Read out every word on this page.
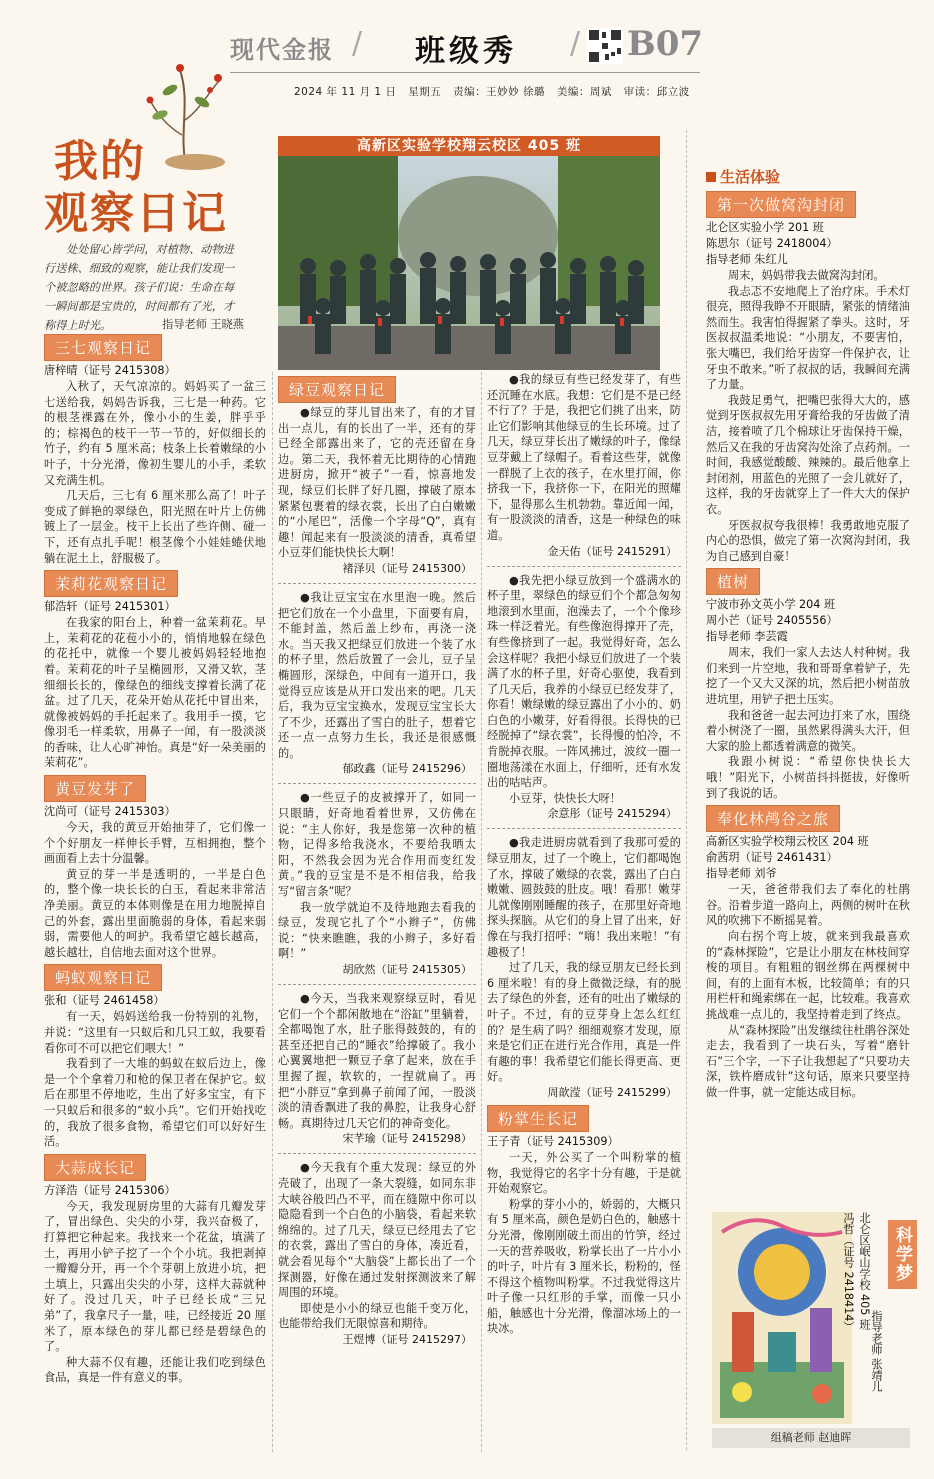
现代金报 / 班级秀 / B07
2024 年 11 月 1 日 星期五 责编：王妙妙 徐璐 美编：周斌 审读：邱立波
我的
观察日记
处处留心皆学问，对植物、动物进行送株、细致的观察，能让我们发现一个被忽略的世界。孩子们说：生命在每一瞬间都是宝贵的，时间都有了光，才称得上时光。	指导老师 王晓燕
高新区实验学校翔云校区 405 班
三七观察日记
唐梓晴（证号 2415308）

入秋了，天气凉凉的。妈妈买了一盆三七送给我，妈妈告诉我，三七是一种药。它的根茎裸露在外，像小小的生姜，胖乎乎的；棕褐色的枝干一节一节的，好似细长的竹子，约有 5 厘米高；枝条上长着嫩绿的小叶子，十分光滑，像初生婴儿的小手，柔软又充满生机。

几天后，三七有 6 厘米那么高了！叶子变成了鲜艳的翠绿色，阳光照在叶片上仿佛镀上了一层金。枝干上长出了些许侧、碰一下，还有点扎手呢！根茎像个小娃娃蜷伏地躺在泥土上，舒服极了。

茉莉花观察日记
郁浩轩（证号 2415301）

在我家的阳台上，种着一盆茉莉花。早上，茉莉花的花苞小小的，悄悄地躲在绿色的花托中，就像一个婴儿被妈妈轻轻地抱着。茉莉花的叶子呈椭圆形，又滑又软，茎细细长长的，像绿色的细线支撑着长满了花盆。过了几天，花朵开始从花托中冒出来，就像被妈妈的手托起来了。我用手一摸，它像羽毛一样柔软，用鼻子一闻，有一股淡淡的香味，让人心旷神怡。真是“好一朵美丽的茉莉花”。

黄豆发芽了
沈尚可（证号 2415303）

今天，我的黄豆开始抽芽了，它们像一个个好朋友一样伸长手臂，互相拥抱，整个画面看上去十分温馨。

黄豆的芽一半是透明的，一半是白色的，整个像一块长长的白玉，看起来非常洁净美丽。黄豆的本体则像是在用力地脱掉自己的外套，露出里面脆弱的身体，看起来弱弱，需要他人的呵护。我希望它越长越高，越长越壮，自信地去面对这个世界。

蚂蚁观察日记
张和（证号 2461458）

有一天，妈妈送给我一份特别的礼物，并说：“这里有一只蚁后和几只工蚁，我要看看你可不可以把它们喂大！”

我看到了一大堆的蚂蚁在蚁后边上，像是一个个拿着刀和枪的保卫者在保护它。蚁后在那里不停地吃，生出了好多宝宝，有下一只蚁后和很多的“蚁小兵”。它们开始找吃的，我放了很多食物，希望它们可以好好生活。

大蒜成长记
方泽浩（证号 2415306）

今天，我发现厨房里的大蒜有几瓣发芽了，冒出绿色、尖尖的小芽，我兴奋极了，打算把它种起来。我找来一个花盆，填满了土，再用小铲子挖了一个个小坑。我把剥掉一瓣瓣分开，再一个个芽朝上放进小坑，把土填上，只露出尖尖的小芽，这样大蒜就种好了。没过几天，叶子已经长成“三兄弟”了，我拿尺子一量，哇，已经接近 20 厘米了，原本绿色的芽儿都已经是碧绿色的了。

种大蒜不仅有趣，还能让我们吃到绿色食品，真是一件有意义的事。

绿豆观察日记

●绿豆的芽儿冒出来了，有的才冒出一点儿，有的长出了一半，还有的芽已经全部露出来了，它的壳还留在身边。第二天，我怀着无比期待的心情跑进厨房，掀开“被子”一看，惊喜地发现，绿豆们长胖了好几圈，撑破了原本紧紧包裹着的绿衣裳，长出了白白嫩嫩的“小尾巴”，活像一个字母“Q”，真有趣！闻起来有一股淡淡的清香，真希望小豆芽们能快快长大啊！

褚泽贝（证号 2415300）

●我让豆宝宝在水里泡一晚。然后把它们放在一个小盘里，下面要有肩，不能封盖，然后盖上纱布，再浇一浇水。当天我又把绿豆们放进一个装了水的杯子里，然后放置了一会儿，豆子呈椭圆形，深绿色，中间有一道开口，我觉得豆应该是从开口发出来的吧。几天后，我为豆宝宝换水，发现豆宝宝长大了不少，还露出了雪白的肚子，想着它还一点一点努力生长，我还是很感慨的。

郁政鑫（证号 2415296）

●一些豆子的皮被撑开了，如同一只眼睛，好奇地看着世界，又仿佛在说：“主人你好，我是您第一次种的植物，记得多给我浇水，不要给我晒太阳，不然我会因为光合作用而变红发黄。”我的豆宝是不是不相信我，给我写“留言条”呢？

我一放学就迫不及待地跑去看我的绿豆，发现它扎了个“小辫子”，仿佛说：“快来瞧瞧，我的小辫子，多好看啊！”

胡欣然（证号 2415305）

●今天，当我来观察绿豆时，看见它们一个个都闲散地在“浴缸”里躺着，全都喝饱了水，肚子胀得鼓鼓的，有的甚至还把自己的“睡衣”给撑破了。我小心翼翼地把一颗豆子拿了起来，放在手里握了握，软软的，一捏就扁了。再把“小胖豆”拿到鼻子前闻了闻，一股淡淡的清香飘进了我的鼻腔，让我身心舒畅。真期待过几天它们的神奇变化。

宋芊瑜（证号 2415298）

●今天我有个重大发现：绿豆的外壳破了，出现了一条大裂缝，如同东非大峡谷般凹凸不平，而在缝隙中你可以隐隐看到一个白色的小脑袋，看起来软绵绵的。过了几天，绿豆已经甩去了它的衣裳，露出了雪白的身体，凑近看，就会看见每个“大脑袋”上都长出了一个探测器，好像在通过发射探测波来了解周围的环境。

即使是小小的绿豆也能千变万化，也能带给我们无限惊喜和期待。

王煜博（证号 2415297）

●我的绿豆有些已经发芽了，有些还沉睡在水底。我想：它们是不是已经不行了？于是，我把它们挑了出来，防止它们影响其他绿豆的生长环境。过了几天，绿豆芽长出了嫩绿的叶子，像绿豆芽戴上了绿帽子。看着这些芽，就像一群脱了上衣的孩子，在水里打闹，你挤我一下，我挤你一下，在阳光的照耀下，显得那么生机勃勃。靠近闻一闻，有一股淡淡的清香，这是一种绿色的味道。

金天佑（证号 2415291）

●我先把小绿豆放到一个盛满水的杯子里，翠绿色的绿豆们个个都急匆匆地滚到水里面，泡澡去了，一个个像珍珠一样泛着光。有些像泡得撑开了壳，有些像挤到了一起。我觉得好奇，怎么会这样呢？我把小绿豆们放进了一个装满了水的杯子里，好奇心驱使，我看到了几天后，我养的小绿豆已经发芽了，你看！嫩绿嫩的绿豆露出了小小的、奶白色的小嫩芽，好看得很。长得快的已经脱掉了“绿衣裳”，长得慢的怕冷，不肯脱掉衣服。一阵风拂过，波纹一圈一圈地荡漾在水面上，仔细听，还有水发出的咕咕声。

小豆芽，快快长大呀！

余意彤（证号 2415294）

●我走进厨房就看到了我那可爱的绿豆朋友，过了一个晚上，它们都喝饱了水，撑破了嫩绿的衣裳，露出了白白嫩嫩、圆鼓鼓的肚皮。哦！看那！嫩芽儿就像刚刚睡醒的孩子，在那里好奇地探头探脑。从它们的身上冒了出来，好像在与我打招呼：“嗨！我出来啦！”有趣极了！

过了几天，我的绿豆朋友已经长到 6 厘米啦！有的身上微微泛绿，有的脱去了绿色的外套，还有的吐出了嫩绿的叶子。不过，有的豆芽身上怎么红红的？是生病了吗？细细观察才发现，原来是它们正在进行光合作用，真是一件有趣的事！我希望它们能长得更高、更好。

周歆滢（证号 2415299）
粉掌生长记
王子青（证号 2415309）

一天，外公买了一个叫粉掌的植物，我觉得它的名字十分有趣，于是就开始观察它。

粉掌的芽小小的，娇弱的，大概只有 5 厘米高，颜色是奶白色的，触感十分光滑，像刚刚破土而出的竹笋，经过一天的营养吸收，粉掌长出了一片小小的叶子，叶片有 3 厘米长，粉粉的，怪不得这个植物叫粉掌。不过我觉得这片叶子像一只红形的手掌，而像一只小船，触感也十分光滑，像溜冰场上的一块冰。

生活体验
第一次做窝沟封闭
北仑区实验小学 201 班
陈思尔（证号 2418004）
指导老师 朱红儿

周末，妈妈带我去做窝沟封闭。

我忐忑不安地爬上了治疗床。手术灯很亮，照得我睁不开眼睛，紧张的情绪油然而生。我害怕得握紧了拳头。这时，牙医叔叔温柔地说：“小朋友，不要害怕，张大嘴巴，我们给牙齿穿一件保护衣，让牙虫不敢来。”听了叔叔的话，我瞬间充满了力量。

我鼓足勇气，把嘴巴张得大大的，感觉到牙医叔叔先用牙膏给我的牙齿做了清洁，接着喷了几个棉球让牙齿保持干燥，然后又在我的牙齿窝沟处涂了点药剂。一时间，我感觉酸酸、辣辣的。最后他拿上封闭剂，用蓝色的光照了一会儿就好了，这样，我的牙齿就穿上了一件大大的保护衣。

牙医叔叔夸我很棒！我勇敢地克服了内心的恐惧，做完了第一次窝沟封闭，我为自己感到自豪！

植树
宁波市孙文英小学 204 班
周小芒（证号 2405556）
指导老师 李芸霞

周末，我们一家人去达人村种树。我们来到一片空地，我和哥哥拿着铲子，先挖了一个又大又深的坑，然后把小树苗放进坑里，用铲子把土压实。

我和爸爸一起去河边打来了水，围绕着小树浇了一圈，虽然累得满头大汗，但大家的脸上都透着满意的微笑。

我跟小树说：“希望你快快长大哦！”阳光下，小树苗抖抖挺拔，好像听到了我说的话。

奉化林鸬谷之旅
高新区实验学校翔云校区 204 班
俞茜玥（证号 2461431）
指导老师 刘爷

一天，爸爸带我们去了奉化的杜鹃谷。沿着步道一路向上，两侧的树叶在秋风的吹拂下不断摇晃着。

向右拐个弯上坡，就来到我最喜欢的“森林探险”，它是让小朋友在林枝间穿梭的项目。有粗粗的钢丝绑在两棵树中间，有的上面有木板，比较简单；有的只用栏杆和绳索绑在一起，比较难。我喜欢挑战难一点儿的，我坚持着走到了终点。

从“森林探险”出发继续往杜鹃谷深处走去，我看到了一块石头，写着“磨针石”三个字，一下子让我想起了“只要功夫深，铁杵磨成针”这句话，原来只要坚持做一件事，就一定能达成目标。

科学梦
北仑区岷山学校 405 班
冯哲（证号 2418414）
指导老师 张靖儿
组稿老师 赵迪晖
